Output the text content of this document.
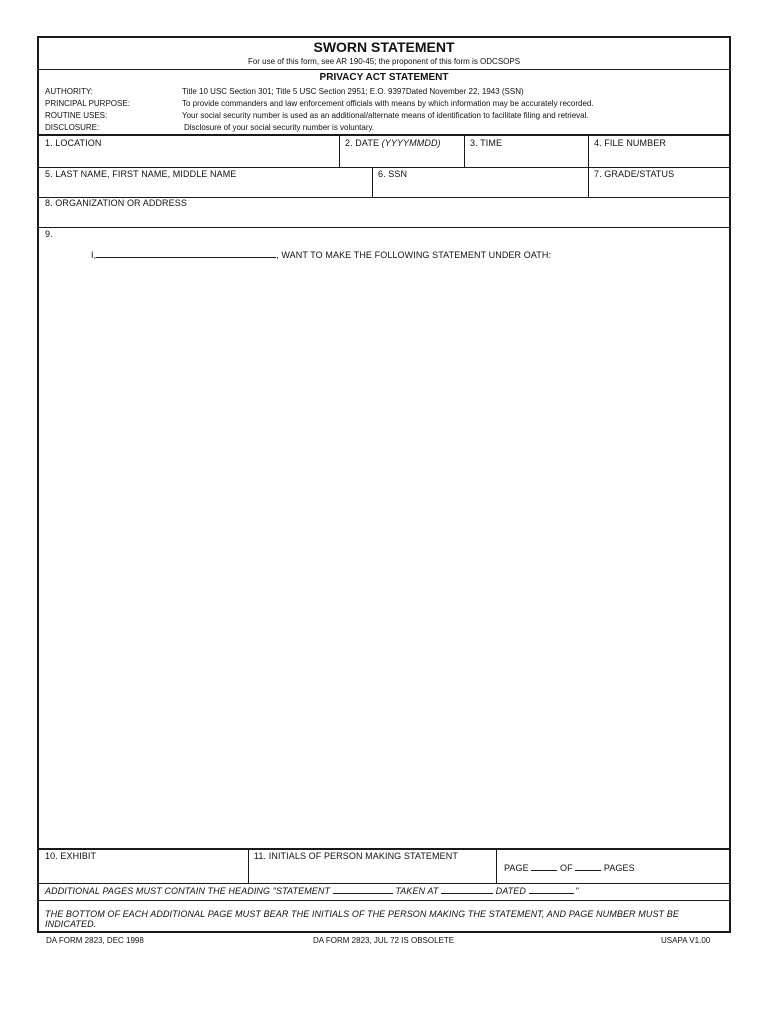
SWORN STATEMENT
For use of this form, see AR 190-45; the proponent of this form is ODCSOPS
PRIVACY ACT STATEMENT
AUTHORITY:	Title 10 USC Section 301; Title 5 USC Section 2951; E.O. 9397Dated November 22, 1943 (SSN)
PRINCIPAL PURPOSE:	To provide commanders and law enforcement officials with means by which information may be accurately recorded.
ROUTINE USES:	Your social security number is used as an additional/alternate means of identification to facilitate filing and retrieval.
DISCLOSURE:	Disclosure of your social security number is voluntary.
1. LOCATION	2. DATE (YYYYMMDD)	3. TIME	4. FILE NUMBER
5. LAST NAME, FIRST NAME, MIDDLE NAME	6. SSN	7. GRADE/STATUS
8. ORGANIZATION OR ADDRESS
9.
I,	, WANT TO MAKE THE FOLLOWING STATEMENT UNDER OATH:
10. EXHIBIT	11. INITIALS OF PERSON MAKING STATEMENT
PAGE	OF	PAGES
ADDITIONAL PAGES MUST CONTAIN THE HEADING "STATEMENT	TAKEN AT	DATED	."
THE BOTTOM OF EACH ADDITIONAL PAGE MUST BEAR THE INITIALS OF THE PERSON MAKING THE STATEMENT, AND PAGE NUMBER MUST BE INDICATED.
DA FORM 2823, DEC 1998	DA FORM 2823, JUL 72 IS OBSOLETE	USAPA V1.00
